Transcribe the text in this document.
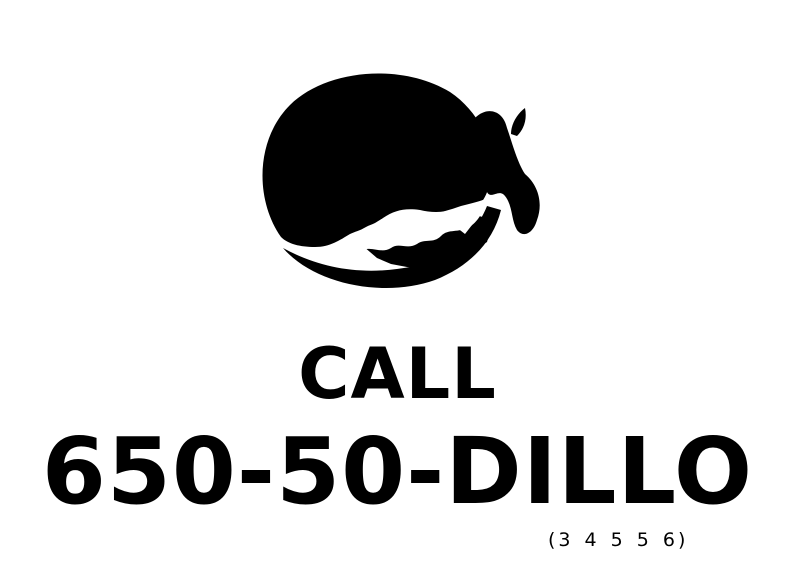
CALL
650-50-DILLO
(3 4 5 5 6)
